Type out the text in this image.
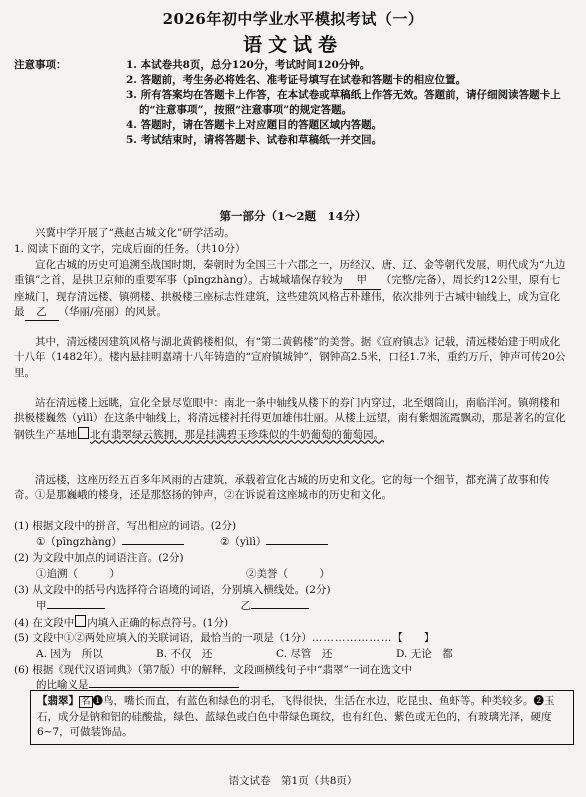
2026年初中学业水平模拟考试（一）
语文试卷
注意事项：	1. 本试卷共8页，总分120分，考试时间120分钟。
2. 答题前，考生务必将姓名、准考证号填写在试卷和答题卡的相应位置。
3. 所有答案均在答题卡上作答，在本试卷或草稿纸上作答无效。答题前，请仔细阅读答题卡上的“注意事项”，按照“注意事项”的规定答题。
4. 答题时，请在答题卡上对应题目的答题区域内答题。
5. 考试结束时，请将答题卡、试卷和草稿纸一并交回。
第一部分（1～2题　14分）
兴冀中学开展了“燕赵古城文化”研学活动。
1. 阅读下面的文字，完成后面的任务。（共10分）
宣化古城的历史可追溯至战国时期，秦朝时为全国三十六郡之一，历经汉、唐、辽、金等朝代发展，明代成为“九边重镇”之首，是拱卫京师的重要军事（pīngzhàng）。古城城墙保存较为 甲 （完整/完备），周长约12公里，原有七座城门，现存清远楼、镇朔楼、拱极楼三座标志性建筑，这些建筑风格古朴雄伟，依次排列于古城中轴线上，成为宣化最 乙 （华丽/亮丽）的风景。
其中，清远楼因建筑风格与湖北黄鹤楼相似，有“第二黄鹤楼”的美誉。据《宣府镇志》记载，清远楼始建于明成化十八年（1482年）。楼内悬挂明嘉靖十八年铸造的“宣府镇城钟”，钢钟高2.5米，口径1.7米，重约万斤，钟声可传20公里。
站在清远楼上远眺，宣化全景尽览眼中：南北一条中轴线从楼下的券门内穿过，北至烟筒山，南临洋河。镇朔楼和拱极楼巍然（yìlì）在这条中轴线上，将清远楼衬托得更加雄伟壮丽。从楼上远望，南有紫烟流霞飘动，那是著名的宣化钢铁生产基地 北有翡翠绿云簇拥，那是挂满碧玉珍珠似的牛奶葡萄的葡萄园。
清远楼，这座历经五百多年风雨的古建筑，承载着宣化古城的历史和文化。它的每一个细节，都充满了故事和传奇。①是那巍峨的楼身，还是那悠扬的钟声，②在诉说着这座城市的历史和文化。
(1) 根据文段中的拼音，写出相应的词语。(2分)
①（pīngzhàng）	②（yìlì）
(2) 为文段中加点的词语注音。(2分)
①追溯（　　　）	②美誉（　　　）
(3) 从文段中的括号内选择符合语境的词语，分别填入横线处。(2分)
甲	乙
(4) 在文段中 内填入正确的标点符号。(1分)
(5) 文段中①②两处应填入的关联词语，最恰当的一项是（1分）…………………【　　】
A. 因为　所以	B. 不仅　还	C. 尽管　还	D. 无论　都
(6) 根据《现代汉语词典》（第7版）中的解释，文段画横线句子中“翡翠”一词在选文中
的比喻义是
【翡翠】 名 ❶鸟，嘴长而直，有蓝色和绿色的羽毛，飞得很快，生活在水边，吃昆虫、鱼虾等。种类较多。❷玉石，成分是钠和铝的硅酸盐，绿色、蓝绿色或白色中带绿色斑纹，也有红色、紫色或无色的，有玻璃光泽，硬度6~7，可做装饰品。
语文试卷　第1页（共8页）
